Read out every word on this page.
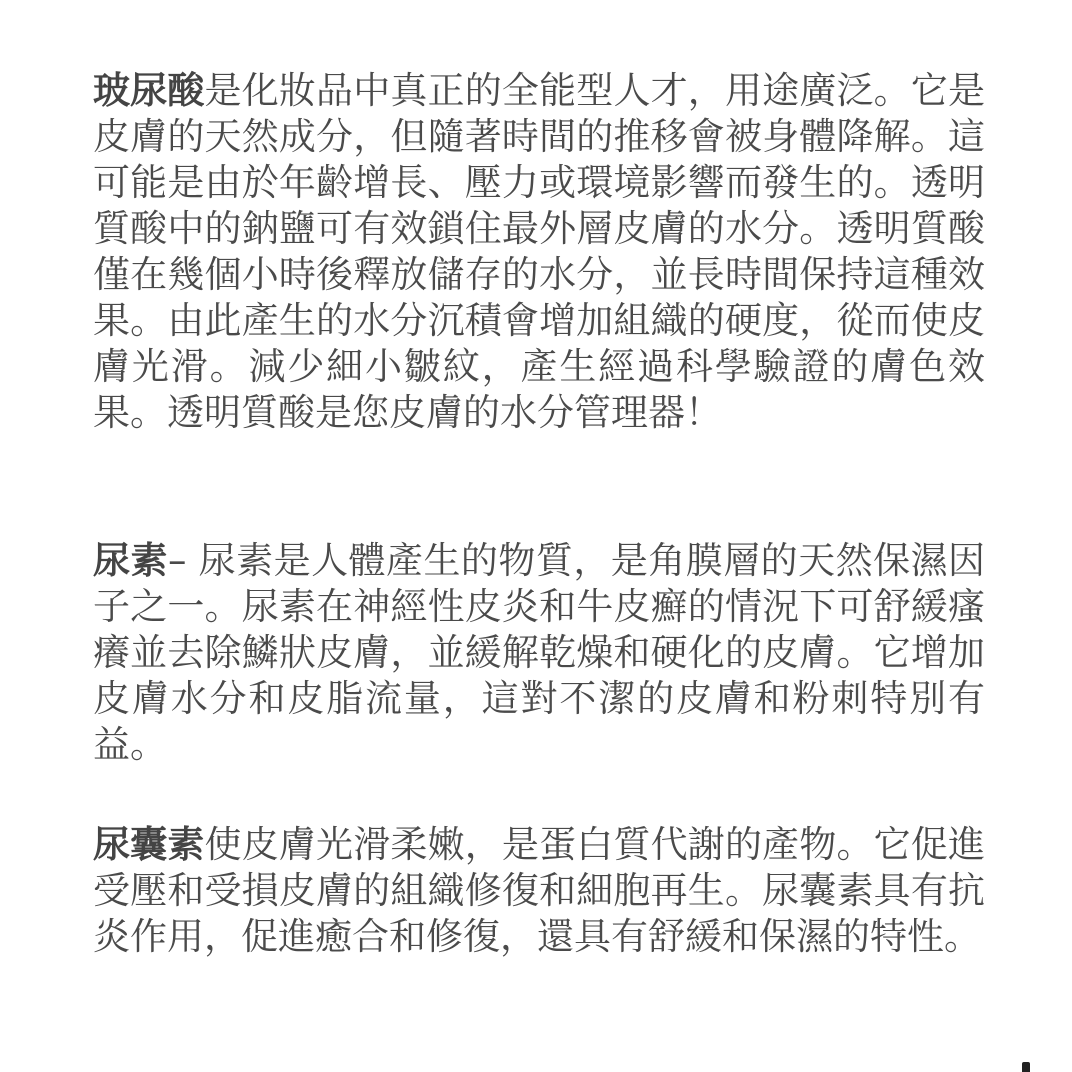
玻尿酸是化妝品中真正的全能型人才，用途廣泛。它是皮膚的天然成分，但隨著時間的推移會被身體降解。這可能是由於年齡增長、壓力或環境影響而發生的。透明質酸中的鈉鹽可有效鎖住最外層皮膚的水分。透明質酸僅在幾個小時後釋放儲存的水分，並長時間保持這種效果。由此產生的水分沉積會增加組織的硬度，從而使皮膚光滑。減少細小皺紋，產生經過科學驗證的膚色效果。透明質酸是您皮膚的水分管理器！

尿素– 尿素是人體產生的物質，是角膜層的天然保濕因子之一。尿素在神經性皮炎和牛皮癬的情況下可舒緩瘙癢並去除鱗狀皮膚，並緩解乾燥和硬化的皮膚。它增加皮膚水分和皮脂流量，這對不潔的皮膚和粉刺特別有益。

尿囊素使皮膚光滑柔嫩，是蛋白質代謝的產物。它促進受壓和受損皮膚的組織修復和細胞再生。尿囊素具有抗炎作用，促進癒合和修復，還具有舒緩和保濕的特性。
